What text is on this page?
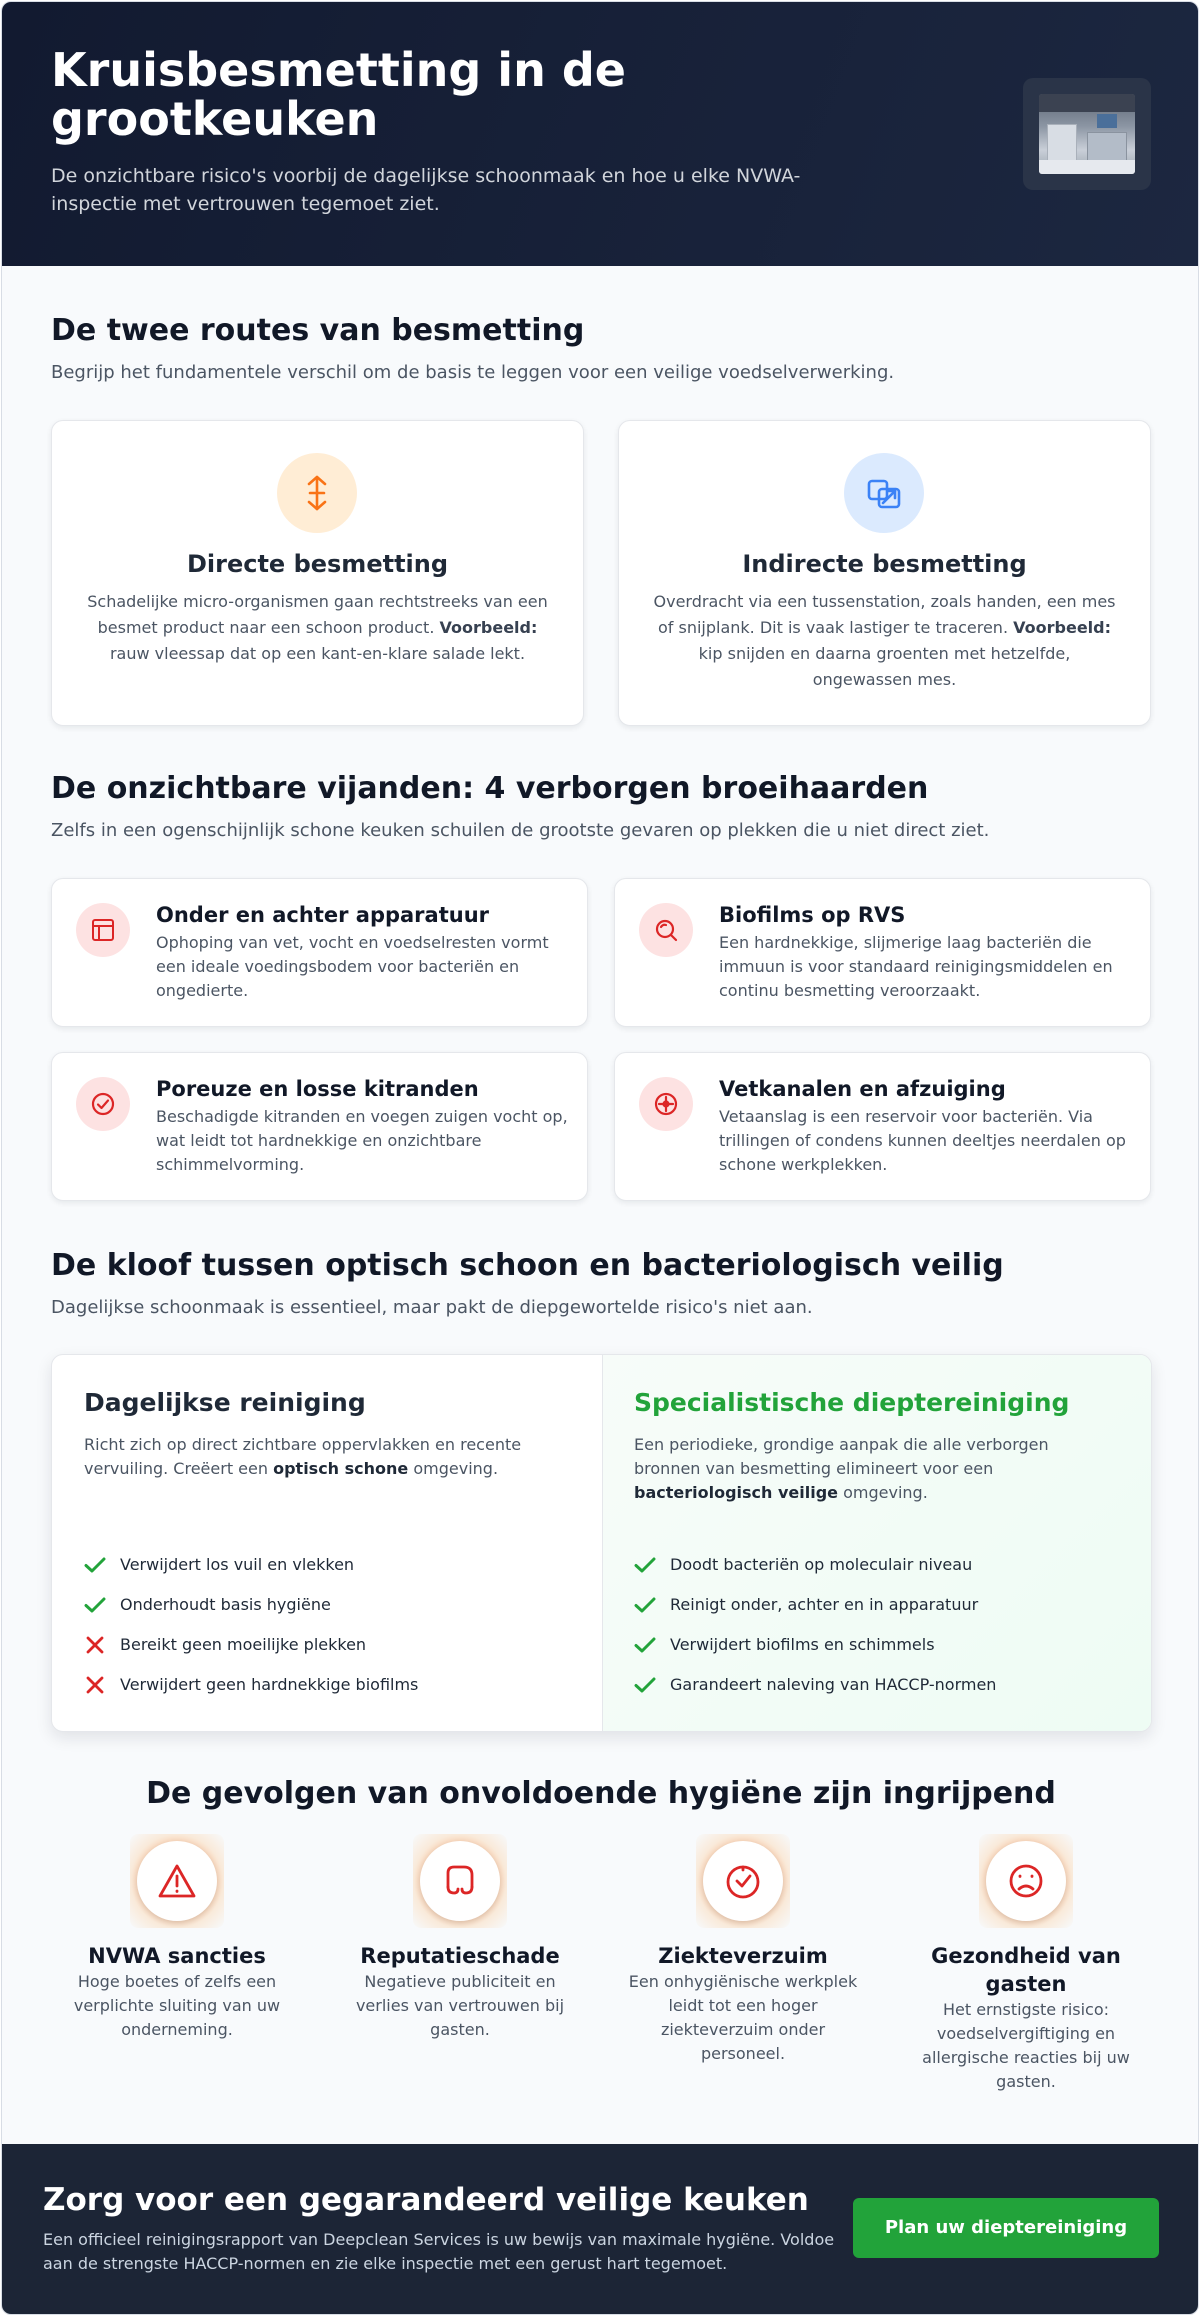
Kruisbesmetting in de grootkeuken

De onzichtbare risico's voorbij de dagelijkse schoonmaak en hoe u elke NVWA-inspectie met vertrouwen tegemoet ziet.

De twee routes van besmetting

Begrijp het fundamentele verschil om de basis te leggen voor een veilige voedselverwerking.

Directe besmetting

Schadelijke micro-organismen gaan rechtstreeks van een besmet product naar een schoon product. Voorbeeld: rauw vleessap dat op een kant-en-klare salade lekt.

Indirecte besmetting

Overdracht via een tussenstation, zoals handen, een mes of snijplank. Dit is vaak lastiger te traceren. Voorbeeld: kip snijden en daarna groenten met hetzelfde, ongewassen mes.

De onzichtbare vijanden: 4 verborgen broeihaarden

Zelfs in een ogenschijnlijk schone keuken schuilen de grootste gevaren op plekken die u niet direct ziet.

Onder en achter apparatuur

Ophoping van vet, vocht en voedselresten vormt een ideale voedingsbodem voor bacteriën en ongedierte.

Biofilms op RVS

Een hardnekkige, slijmerige laag bacteriën die immuun is voor standaard reinigingsmiddelen en continu besmetting veroorzaakt.

Poreuze en losse kitranden

Beschadigde kitranden en voegen zuigen vocht op, wat leidt tot hardnekkige en onzichtbare schimmelvorming.

Vetkanalen en afzuiging

Vetaanslag is een reservoir voor bacteriën. Via trillingen of condens kunnen deeltjes neerdalen op schone werkplekken.

De kloof tussen optisch schoon en bacteriologisch veilig

Dagelijkse schoonmaak is essentieel, maar pakt de diepgewortelde risico's niet aan.

Dagelijkse reiniging

Richt zich op direct zichtbare oppervlakken en recente vervuiling. Creëert een optisch schone omgeving.

Verwijdert los vuil en vlekken
Onderhoudt basis hygiëne
Bereikt geen moeilijke plekken
Verwijdert geen hardnekkige biofilms
Specialistische dieptereiniging

Een periodieke, grondige aanpak die alle verborgen bronnen van besmetting elimineert voor een bacteriologisch veilige omgeving.

Doodt bacteriën op moleculair niveau
Reinigt onder, achter en in apparatuur
Verwijdert biofilms en schimmels
Garandeert naleving van HACCP-normen
De gevolgen van onvoldoende hygiëne zijn ingrijpend
NVWA sancties

Hoge boetes of zelfs een verplichte sluiting van uw onderneming.

Reputatieschade

Negatieve publiciteit en verlies van vertrouwen bij gasten.

Ziekteverzuim

Een onhygiënische werkplek leidt tot een hoger ziekteverzuim onder personeel.

Gezondheid van gasten

Het ernstigste risico: voedselvergiftiging en allergische reacties bij uw gasten.

Zorg voor een gegarandeerd veilige keuken

Een officieel reinigingsrapport van Deepclean Services is uw bewijs van maximale hygiëne. Voldoe aan de strengste HACCP-normen en zie elke inspectie met een gerust hart tegemoet.

Plan uw dieptereiniging
